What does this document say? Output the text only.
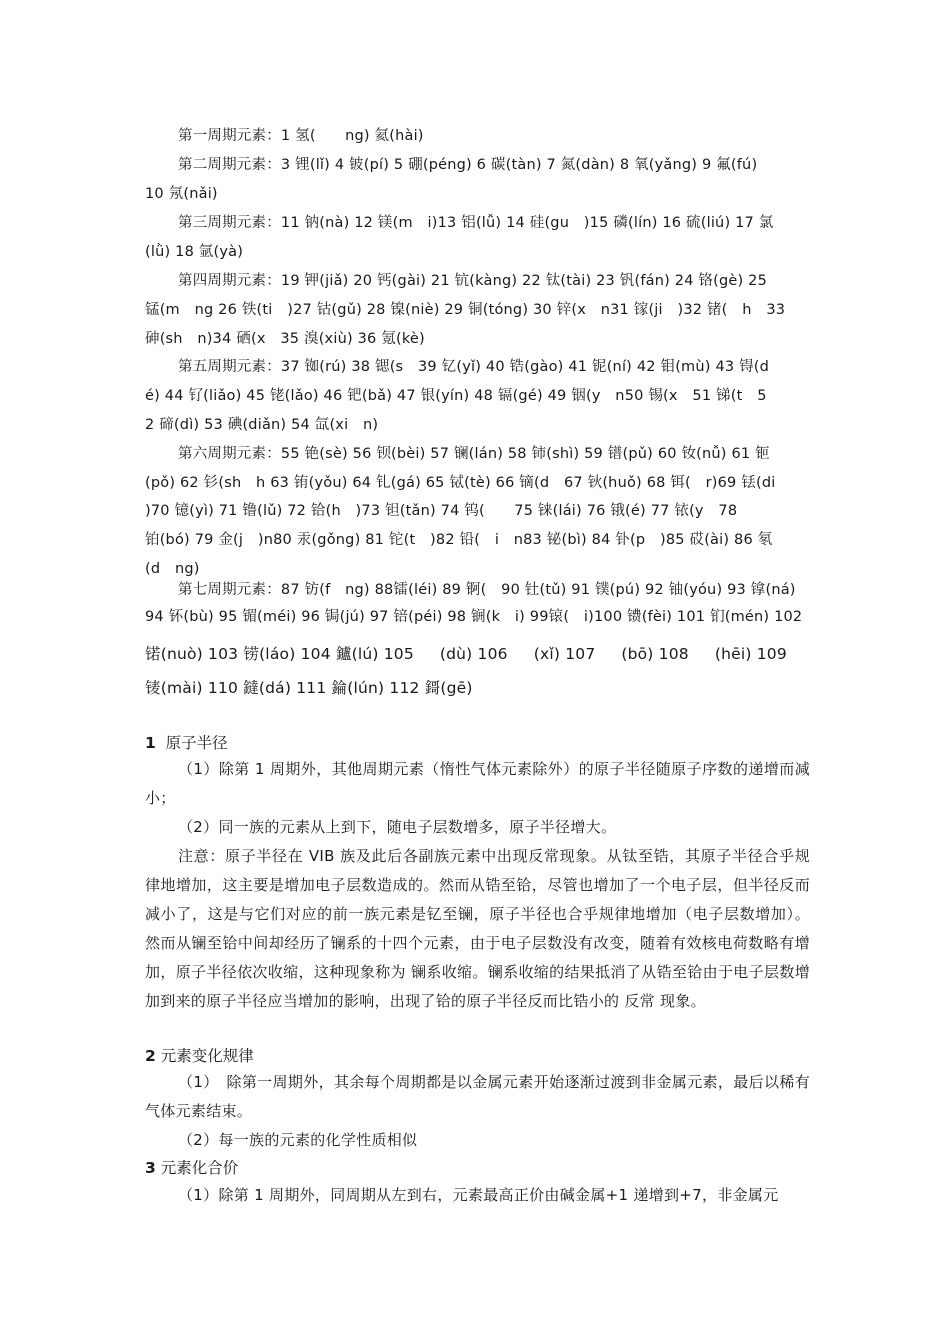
第一周期元素：1 氢(　　ng) 氦(hài)
第二周期元素：3 锂(lǐ) 4 铍(pí) 5 硼(péng) 6 碳(tàn) 7 氮(dàn) 8 氧(yǎng) 9 氟(fú)
10 氖(nǎi)
第三周期元素：11 钠(nà) 12 镁(m　i)13 铝(lǚ) 14 硅(gu　)15 磷(lín) 16 硫(liú) 17 氯
(lǜ) 18 氩(yà)
第四周期元素：19 钾(jiǎ) 20 钙(gài) 21 钪(kàng) 22 钛(tài) 23 钒(fán) 24 铬(gè) 25
锰(m　ng 26 铁(ti　)27 钴(gǔ) 28 镍(niè) 29 铜(tóng) 30 锌(x　n31 镓(ji　)32 锗(　h　33
砷(sh　n)34 硒(x　35 溴(xiù) 36 氪(kè)
第五周期元素：37 铷(rú) 38 锶(s　39 钇(yǐ) 40 锆(gào) 41 铌(ní) 42 钼(mù) 43 锝(d
é) 44 钌(liǎo) 45 铑(lǎo) 46 钯(bǎ) 47 银(yín) 48 镉(gé) 49 铟(y　n50 锡(x　51 锑(t　5
2 碲(dì) 53 碘(diǎn) 54 氙(xi　n)
第六周期元素：55 铯(sè) 56 钡(bèi) 57 镧(lán) 58 铈(shì) 59 镨(pǔ) 60 钕(nǚ) 61 钷
(pǒ) 62 钐(sh　h 63 铕(yǒu) 64 钆(gá) 65 铽(tè) 66 镝(d　67 钬(huǒ) 68 铒(　r)69 铥(di
)70 镱(yì) 71 镥(lǔ) 72 铪(h　)73 钽(tǎn) 74 钨(　　75 铼(lái) 76 锇(é) 77 铱(y　78
铂(bó) 79 金(j　)n80 汞(gǒng) 81 铊(t　)82 铅(　i　n83 铋(bì) 84 钋(p　)85 砹(ài) 86 氡
(d　ng)
第七周期元素：87 钫(f　ng) 88镭(léi) 89 锕(　90 钍(tǔ) 91 镤(pú) 92 铀(yóu) 93 镎(ná)
94 钚(bù) 95 镅(méi) 96 锔(jú) 97 锫(péi) 98 锎(k　i) 99锿(　i)100 镄(fèi) 101 钔(mén) 102
锘(nuò) 103 铹(láo) 104 鑪(lú) 105 　 (dù) 106 　 (xǐ) 107 　 (bō) 108 　 (hēi) 109
鿏(mài) 110 鐽(dá) 111 錀(lún) 112 鎶(gē)
1 原子半径

（1）除第 1 周期外，其他周期元素（惰性气体元素除外）的原子半径随原子序数的递增而减小；

（2）同一族的元素从上到下，随电子层数增多，原子半径增大。

注意：原子半径在 VIB 族及此后各副族元素中出现反常现象。从钛至锆，其原子半径合乎规律地增加，这主要是增加电子层数造成的。然而从锆至铪，尽管也增加了一个电子层，但半径反而减小了，这是与它们对应的前一族元素是钇至镧，原子半径也合乎规律地增加（电子层数增加）。然而从镧至铪中间却经历了镧系的十四个元素，由于电子层数没有改变，随着有效核电荷数略有增加，原子半径依次收缩，这种现象称为 镧系收缩。镧系收缩的结果抵消了从锆至铪由于电子层数增加到来的原子半径应当增加的影响，出现了铪的原子半径反而比锆小的 反常 现象。

2 元素变化规律

（1）　除第一周期外，其余每个周期都是以金属元素开始逐渐过渡到非金属元素，最后以稀有气体元素结束。

（2）每一族的元素的化学性质相似

3 元素化合价

（1）除第 1 周期外，同周期从左到右，元素最高正价由碱金属+1 递增到+7，非金属元
